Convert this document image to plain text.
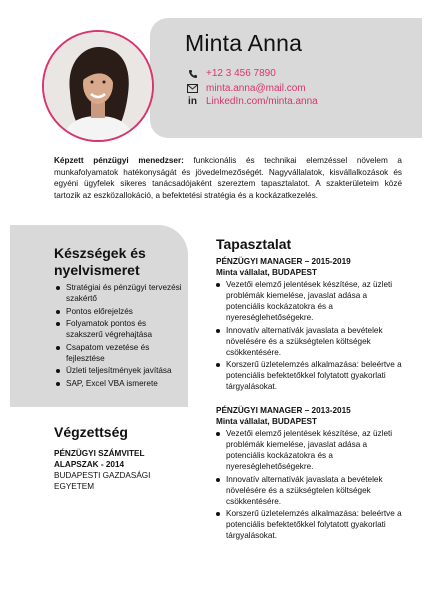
Minta Anna
+12 3 456 7890
minta.anna@mail.com
in LinkedIn.com/minta.anna
Képzett pénzügyi menedzser: funkcionális és technikai elemzéssel növelem a munkafolyamatok hatékonyságát és jövedelmezőségét. Nagyvállalatok, kisvállalkozások és egyéni ügyfelek sikeres tanácsadójaként szereztem tapasztalatot. A szakterületeim közé tartozik az eszközallokáció, a befektetési stratégia és a kockázatkezelés.
Készségek és
nyelvismeret
Stratégiai és pénzügyi tervezési szakértő
Pontos előrejelzés
Folyamatok pontos és szakszerű végrehajtása
Csapatom vezetése és fejlesztése
Üzleti teljesítmények javítása
SAP, Excel VBA ismerete
Végzettség
PÉNZÜGYI SZÁMVITEL
ALAPSZAK - 2014
BUDAPESTI GAZDASÁGI
EGYETEM
Tapasztalat
PÉNZÜGYI MANAGER – 2015-2019
Minta vállalat, BUDAPEST
Vezetői elemző jelentések készítése, az üzleti problémák kiemelése, javaslat adása a potenciális kockázatokra és a nyereséglehetőségekre.
Innovatív alternatívák javaslata a bevételek növelésére és a szükségtelen költségek csökkentésére.
Korszerű üzletelemzés alkalmazása: beleértve a potenciális befektetőkkel folytatott gyakorlati tárgyalásokat.
PÉNZÜGYI MANAGER – 2013-2015
Minta vállalat, BUDAPEST
Vezetői elemző jelentések készítése, az üzleti problémák kiemelése, javaslat adása a potenciális kockázatokra és a nyereséglehetőségekre.
Innovatív alternatívák javaslata a bevételek növelésére és a szükségtelen költségek csökkentésére.
Korszerű üzletelemzés alkalmazása: beleértve a potenciális befektetőkkel folytatott gyakorlati tárgyalásokat.
